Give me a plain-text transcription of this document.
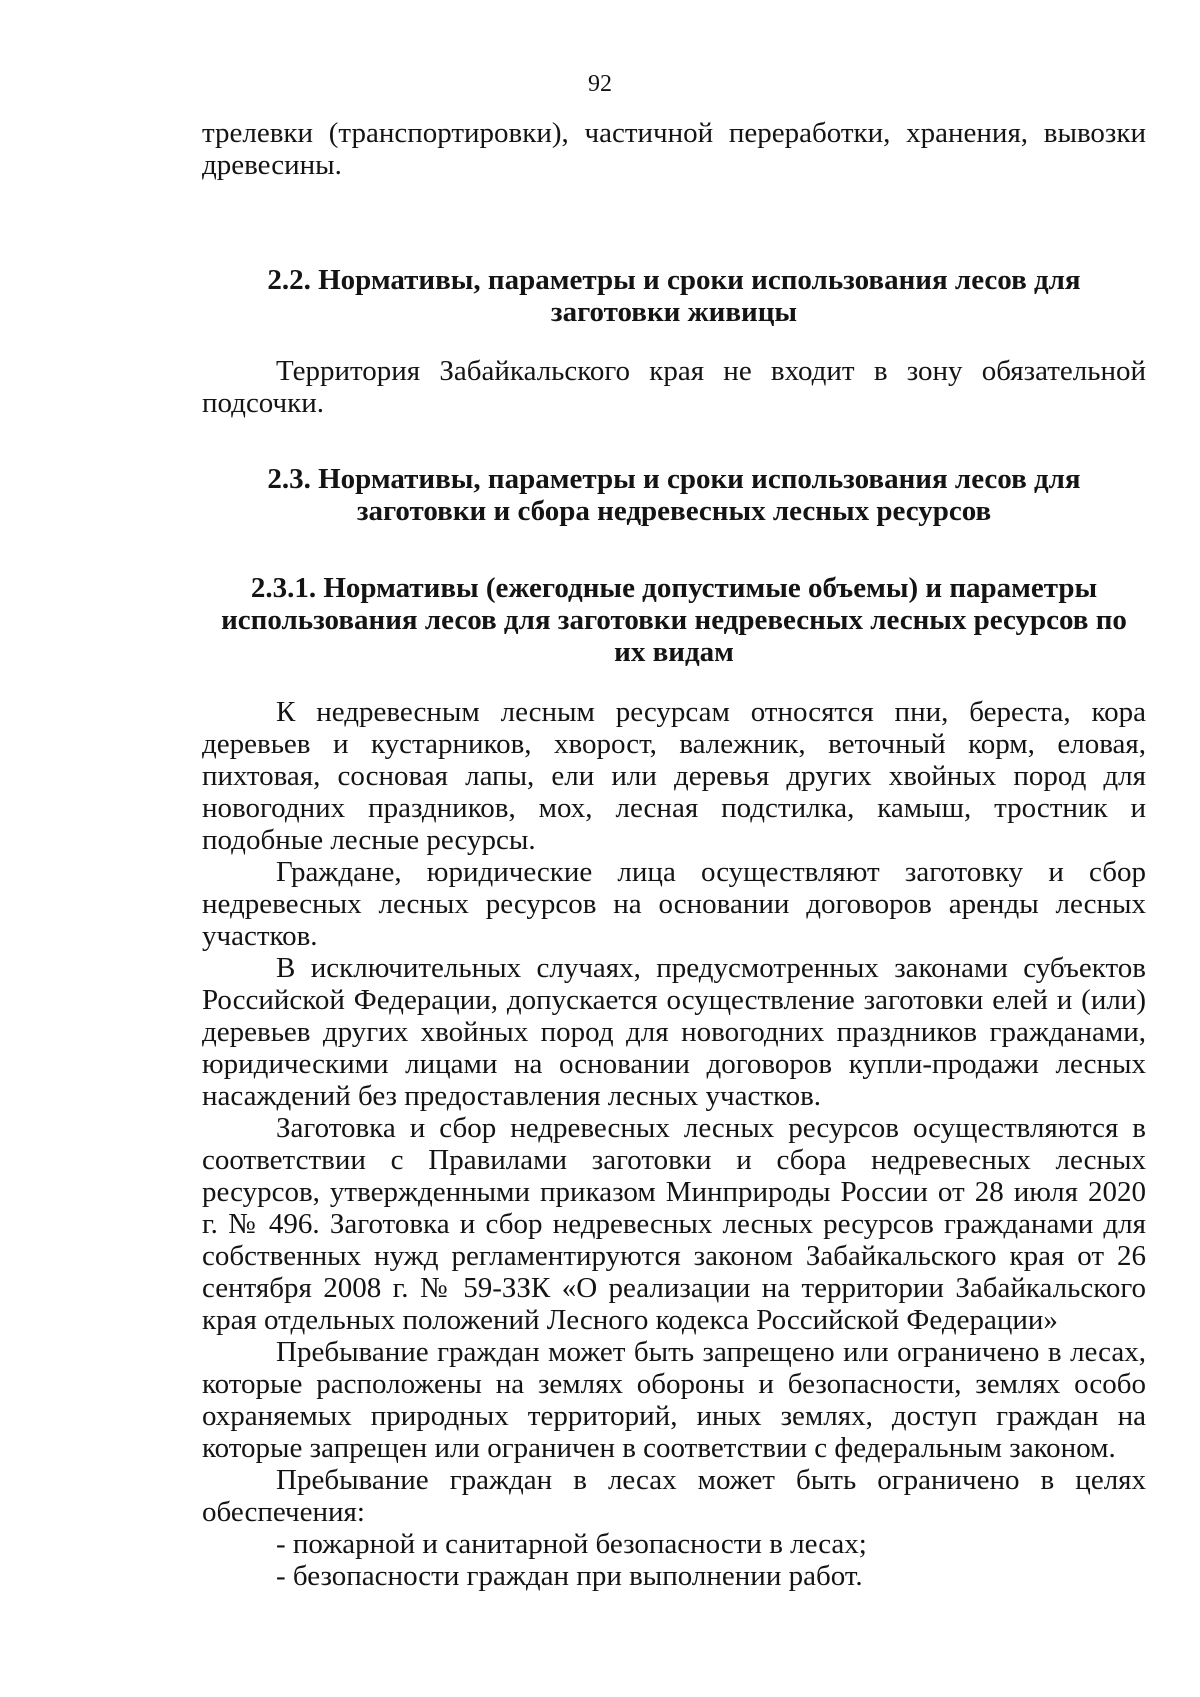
92

трелевки (транспортировки), частичной переработки, хранения, вывозки древесины.

2.2. Нормативы, параметры и сроки использования лесов для заготовки живицы

Территория Забайкальского края не входит в зону обязательной подсочки.

2.3. Нормативы, параметры и сроки использования лесов для заготовки и сбора недревесных лесных ресурсов
2.3.1. Нормативы (ежегодные допустимые объемы) и параметры использования лесов для заготовки недревесных лесных ресурсов по их видам

К недревесным лесным ресурсам относятся пни, береста, кора деревьев и кустарников, хворост, валежник, веточный корм, еловая, пихтовая, сосновая лапы, ели или деревья других хвойных пород для новогодних праздников, мох, лесная подстилка, камыш, тростник и подобные лесные ресурсы.

Граждане, юридические лица осуществляют заготовку и сбор недревесных лесных ресурсов на основании договоров аренды лесных участков.

В исключительных случаях, предусмотренных законами субъектов Российской Федерации, допускается осуществление заготовки елей и (или) деревьев других хвойных пород для новогодних праздников гражданами, юридическими лицами на основании договоров купли-продажи лесных насаждений без предоставления лесных участков.

Заготовка и сбор недревесных лесных ресурсов осуществляются в соответствии с Правилами заготовки и сбора недревесных лесных ресурсов, утвержденными приказом Минприроды России от 28 июля 2020 г. № 496. Заготовка и сбор недревесных лесных ресурсов гражданами для собственных нужд регламентируются законом Забайкальского края от 26 сентября 2008 г. № 59-ЗЗК «О реализации на территории Забайкальского края отдельных положений Лесного кодекса Российской Федерации»

Пребывание граждан может быть запрещено или ограничено в лесах, которые расположены на землях обороны и безопасности, землях особо охраняемых природных территорий, иных землях, доступ граждан на которые запрещен или ограничен в соответствии с федеральным законом.

Пребывание граждан в лесах может быть ограничено в целях обеспечения:

- пожарной и санитарной безопасности в лесах;

- безопасности граждан при выполнении работ.
